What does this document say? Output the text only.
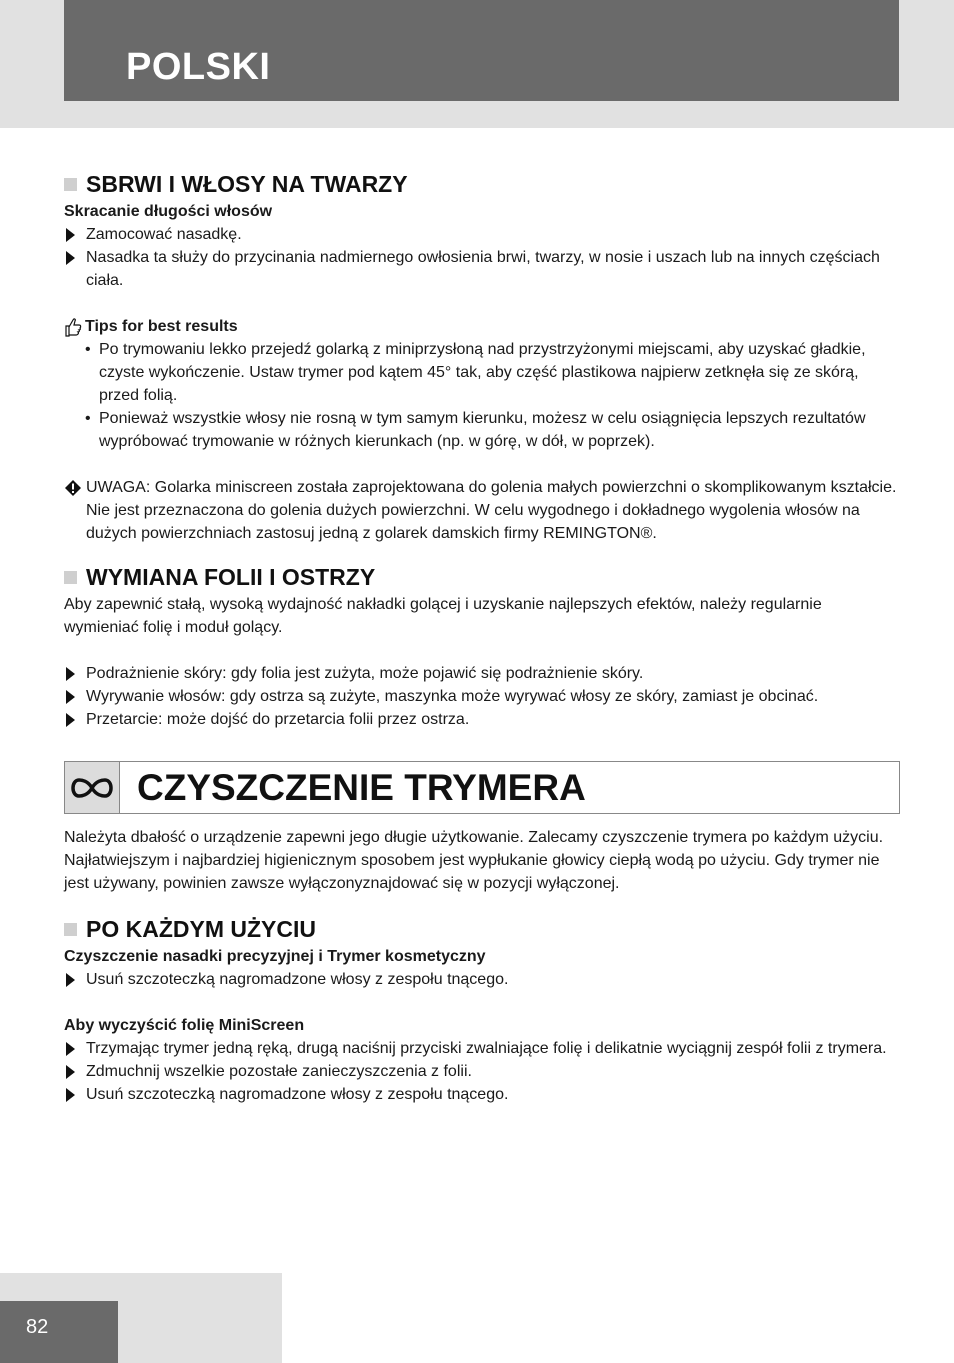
POLSKI
SBRWI I WŁOSY NA TWARZY

Skracanie długości włosów

Zamocować nasadkę.
Nasadka ta służy do przycinania nadmiernego owłosienia brwi, twarzy, w nosie i uszach lub na innych częściach ciała.

Tips for best results

• Po trymowaniu lekko przejedź golarką z miniprzysłoną nad przystrzyżonymi miejscami, aby uzyskać gładkie, czyste wykończenie. Ustaw trymer pod kątem 45° tak, aby część plastikowa najpierw zetknęła się ze skórą, przed folią.
• Ponieważ wszystkie włosy nie rosną w tym samym kierunku, możesz w celu osiągnięcia lepszych rezultatów wypróbować trymowanie w różnych kierunkach (np. w górę, w dół, w poprzek).

UWAGA: Golarka miniscreen została zaprojektowana do golenia małych powierzchni o skomplikowanym kształcie. Nie jest przeznaczona do golenia dużych powierzchni. W celu wygodnego i dokładnego wygolenia włosów na dużych powierzchniach zastosuj jedną z golarek damskich firmy REMINGTON®.

WYMIANA FOLII I OSTRZY

Aby zapewnić stałą, wysoką wydajność nakładki golącej i uzyskanie najlepszych efektów, należy regularnie wymieniać folię i moduł golący.

Podrażnienie skóry: gdy folia jest zużyta, może pojawić się podrażnienie skóry.
Wyrywanie włosów: gdy ostrza są zużyte, maszynka może wyrywać włosy ze skóry, zamiast je obcinać.
Przetarcie: może dojść do przetarcia folii przez ostrza.
CZYSZCZENIE TRYMERA

Należyta dbałość o urządzenie zapewni jego długie użytkowanie. Zalecamy czyszczenie trymera po każdym użyciu. Najłatwiejszym i najbardziej higienicznym sposobem jest wypłukanie głowicy ciepłą wodą po użyciu. Gdy trymer nie jest używany, powinien zawsze wyłączonyznajdować się w pozycji wyłączonej.

PO KAŻDYM UŻYCIU

Czyszczenie nasadki precyzyjnej i Trymer kosmetyczny

Usuń szczoteczką nagromadzone włosy z zespołu tnącego.

Aby wyczyścić folię MiniScreen

Trzymając trymer jedną ręką, drugą naciśnij przyciski zwalniające folię i delikatnie wyciągnij zespół folii z trymera.
Zdmuchnij wszelkie pozostałe zanieczyszczenia z folii.
Usuń szczoteczką nagromadzone włosy z zespołu tnącego.
82
